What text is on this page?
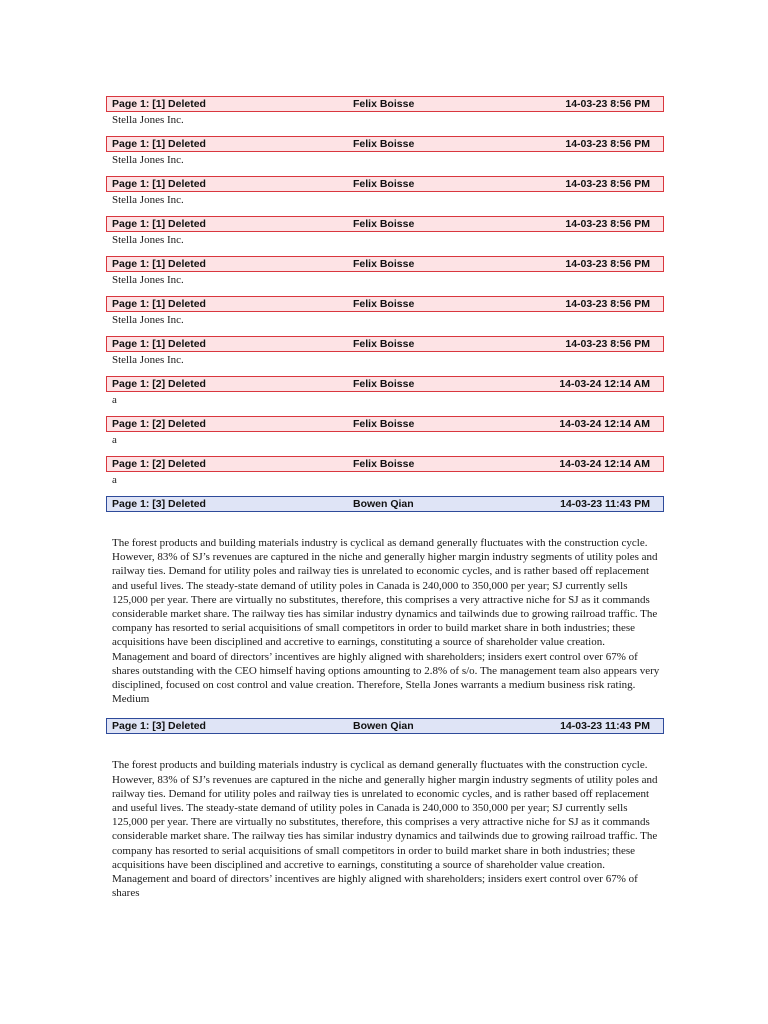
Page 1: [1] Deleted	Felix Boisse	14-03-23 8:56 PM
Stella Jones Inc.
Page 1: [1] Deleted	Felix Boisse	14-03-23 8:56 PM
Stella Jones Inc.
Page 1: [1] Deleted	Felix Boisse	14-03-23 8:56 PM
Stella Jones Inc.
Page 1: [1] Deleted	Felix Boisse	14-03-23 8:56 PM
Stella Jones Inc.
Page 1: [1] Deleted	Felix Boisse	14-03-23 8:56 PM
Stella Jones Inc.
Page 1: [1] Deleted	Felix Boisse	14-03-23 8:56 PM
Stella Jones Inc.
Page 1: [1] Deleted	Felix Boisse	14-03-23 8:56 PM
Stella Jones Inc.
Page 1: [2] Deleted	Felix Boisse	14-03-24 12:14 AM
a
Page 1: [2] Deleted	Felix Boisse	14-03-24 12:14 AM
a
Page 1: [2] Deleted	Felix Boisse	14-03-24 12:14 AM
a
Page 1: [3] Deleted	Bowen Qian	14-03-23 11:43 PM
The forest products and building materials industry is cyclical as demand generally fluctuates with the construction cycle. However, 83% of SJ’s revenues are captured in the niche and generally higher margin industry segments of utility poles and railway ties. Demand for utility poles and railway ties is unrelated to economic cycles, and is rather based off replacement and useful lives. The steady-state demand of utility poles in Canada is 240,000 to 350,000 per year; SJ currently sells 125,000 per year. There are virtually no substitutes, therefore, this comprises a very attractive niche for SJ as it commands considerable market share. The railway ties has similar industry dynamics and tailwinds due to growing railroad traffic. The company has resorted to serial acquisitions of small competitors in order to build market share in both industries; these acquisitions have been disciplined and accretive to earnings, constituting a source of shareholder value creation. Management and board of directors’ incentives are highly aligned with shareholders; insiders exert control over 67% of shares outstanding with the CEO himself having options amounting to 2.8% of s/o. The management team also appears very disciplined, focused on cost control and value creation. Therefore, Stella Jones warrants a medium business risk rating. Medium
Page 1: [3] Deleted	Bowen Qian	14-03-23 11:43 PM
The forest products and building materials industry is cyclical as demand generally fluctuates with the construction cycle. However, 83% of SJ’s revenues are captured in the niche and generally higher margin industry segments of utility poles and railway ties. Demand for utility poles and railway ties is unrelated to economic cycles, and is rather based off replacement and useful lives. The steady-state demand of utility poles in Canada is 240,000 to 350,000 per year; SJ currently sells 125,000 per year. There are virtually no substitutes, therefore, this comprises a very attractive niche for SJ as it commands considerable market share. The railway ties has similar industry dynamics and tailwinds due to growing railroad traffic. The company has resorted to serial acquisitions of small competitors in order to build market share in both industries; these acquisitions have been disciplined and accretive to earnings, constituting a source of shareholder value creation. Management and board of directors’ incentives are highly aligned with shareholders; insiders exert control over 67% of shares
